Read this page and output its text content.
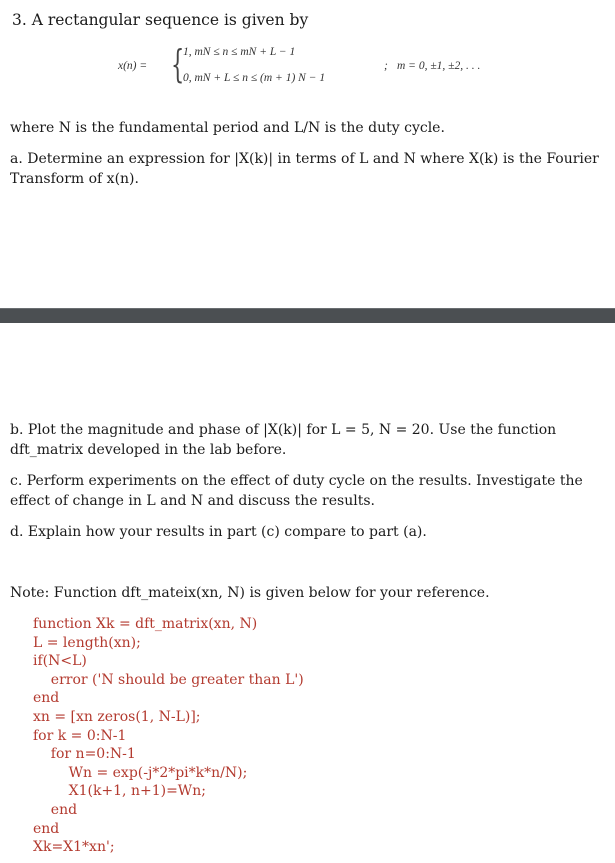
3. A rectangular sequence is given by
x(n) = {
1, mN ≤ n ≤ mN + L − 1
0, mN + L ≤ n ≤ (m + 1) N − 1
; m = 0, ±1, ±2, . . .
where N is the fundamental period and L/N is the duty cycle.
a. Determine an expression for |X(k)| in terms of L and N where X(k) is the Fourier Transform of x(n).
b. Plot the magnitude and phase of |X(k)| for L = 5, N = 20. Use the function dft_matrix developed in the lab before.
c. Perform experiments on the effect of duty cycle on the results. Investigate the effect of change in L and N and discuss the results.
d. Explain how your results in part (c) compare to part (a).
Note: Function dft_mateix(xn, N) is given below for your reference.
function Xk = dft_matrix(xn, N)
L = length(xn);
if(N<L)
error ('N should be greater than L')
end
xn = [xn zeros(1, N-L)];
for k = 0:N-1
for n=0:N-1
Wn = exp(-j*2*pi*k*n/N);
X1(k+1, n+1)=Wn;
end
end
Xk=X1*xn';
